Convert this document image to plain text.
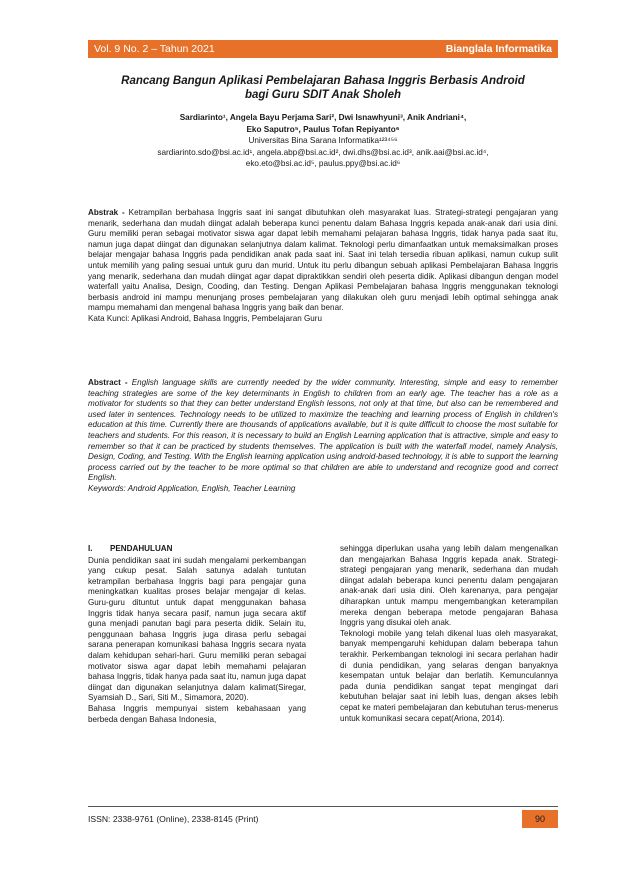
Vol. 9 No. 2 – Tahun 2021	Bianglala Informatika
Rancang Bangun Aplikasi Pembelajaran Bahasa Inggris Berbasis Android
bagi Guru SDIT Anak Sholeh
Sardiarinto¹, Angela Bayu Perjama Sari², Dwi Isnawhyuni³, Anik Andriani⁴,
Eko Saputro⁵, Paulus Tofan Repiyanto⁶
Universitas Bina Sarana Informatika¹²³⁴⁵⁶
sardiarinto.sdo@bsi.ac.id¹, angela.abp@bsi.ac.id², dwi.dhs@bsi.ac.id³, anik.aai@bsi.ac.id⁴,
eko.eto@bsi.ac.id⁵, paulus.ppy@bsi.ac.id⁶
Abstrak - Ketrampilan berbahasa Inggris saat ini sangat dibutuhkan oleh masyarakat luas. Strategi-strategi pengajaran yang menarik, sederhana dan mudah diingat adalah beberapa kunci penentu dalam Bahasa Inggris kepada anak-anak dari usia dini. Guru memiliki peran sebagai motivator siswa agar dapat lebih memahami pelajaran bahasa Inggris, tidak hanya pada saat itu, namun juga dapat diingat dan digunakan selanjutnya dalam kalimat. Teknologi perlu dimanfaatkan untuk memaksimalkan proses belajar mengajar bahasa Inggris pada pendidikan anak pada saat ini. Saat ini telah tersedia ribuan aplikasi, namun cukup sulit untuk memilih yang paling sesuai untuk guru dan murid. Untuk itu perlu dibangun sebuah aplikasi Pembelajaran Bahasa Inggris yang menarik, sederhana dan mudah diingat agar dapat dipraktikkan sendiri oleh peserta didik. Aplikasi dibangun dengan model waterfall yaitu Analisa, Design, Cooding, dan Testing. Dengan Aplikasi Pembelajaran bahasa Inggris menggunakan teknologi berbasis android ini mampu menunjang proses pembelajaran yang dilakukan oleh guru menjadi lebih optimal sehingga anak mampu memahami dan mengenal bahasa Inggris yang baik dan benar.
Kata Kunci: Aplikasi Android, Bahasa Inggris, Pembelajaran Guru
Abstract - English language skills are currently needed by the wider community. Interesting, simple and easy to remember teaching strategies are some of the key determinants in English to children from an early age. The teacher has a role as a motivator for students so that they can better understand English lessons, not only at that time, but also can be remembered and used later in sentences. Technology needs to be utilized to maximize the teaching and learning process of English in children's education at this time. Currently there are thousands of applications available, but it is quite difficult to choose the most suitable for teachers and students. For this reason, it is necessary to build an English Learning application that is attractive, simple and easy to remember so that it can be practiced by students themselves. The application is built with the waterfall model, namely Analysis, Design, Coding, and Testing. With the English learning application using android-based technology, it is able to support the learning process carried out by the teacher to be more optimal so that children are able to understand and recognize good and correct English.
Keywords: Android Application, English, Teacher Learning
I. PENDAHULUAN

Dunia pendidikan saat ini sudah mengalami perkembangan yang cukup pesat. Salah satunya adalah tuntutan ketrampilan berbahasa Inggris bagi para pengajar guna meningkatkan kualitas proses belajar mengajar di kelas. Guru-guru dituntut untuk dapat menggunakan bahasa Inggris tidak hanya secara pasif, namun juga secara aktif guna menjadi panutan bagi para peserta didik. Selain itu, penggunaan bahasa Inggris juga dirasa perlu sebagai sarana penerapan komunikasi bahasa Inggris secara nyata dalam kehidupan sehari-hari. Guru memiliki peran sebagai motivator siswa agar dapat lebih memahami pelajaran bahasa Inggris, tidak hanya pada saat itu, namun juga dapat diingat dan digunakan selanjutnya dalam kalimat(Siregar, Syamsiah D., Sari, Siti M., Simamora, 2020).

Bahasa Inggris mempunyai sistem kebahasaan yang berbeda dengan Bahasa Indonesia,

sehingga diperlukan usaha yang lebih dalam mengenalkan dan mengajarkan Bahasa Inggris kepada anak. Strategi-strategi pengajaran yang menarik, sederhana dan mudah diingat adalah beberapa kunci penentu dalam pengajaran anak-anak dari usia dini. Oleh karenanya, para pengajar diharapkan untuk mampu mengembangkan keterampilan mereka dengan beberapa metode pengajaran Bahasa Inggris yang disukai oleh anak.

Teknologi mobile yang telah dikenal luas oleh masyarakat, banyak mempengaruhi kehidupan dalam beberapa tahun terakhir. Perkembangan teknologi ini secara perlahan hadir di dunia pendidikan, yang selaras dengan banyaknya kesempatan untuk belajar dan berlatih. Kemunculannya pada dunia pendidikan sangat tepat mengingat dari kebutuhan belajar saat ini lebih luas, dengan akses lebih cepat ke materi pembelajaran dan kebutuhan terus-menerus untuk komunikasi secara cepat(Ariona, 2014).

ISSN: 2338-9761 (Online), 2338-8145 (Print)	90
